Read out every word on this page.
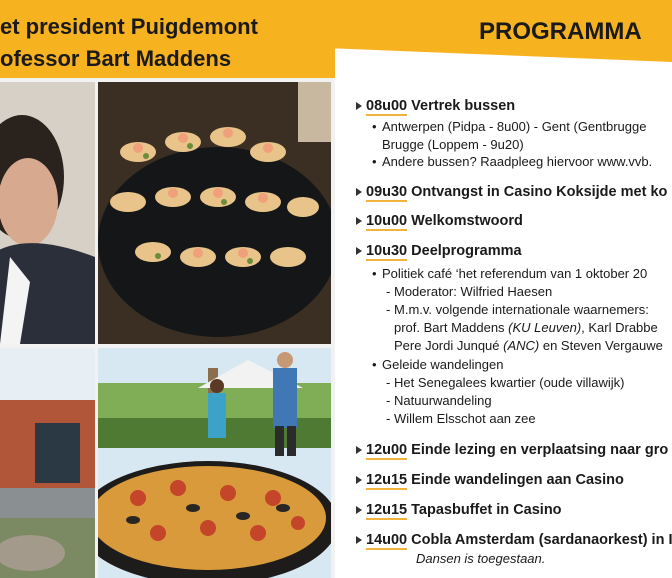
et president Puigdemont
ofessor Bart Maddens
PROGRAMMA
08u00 Vertrek bussen
• Antwerpen (Pidpa - 8u00) - Gent (Gentbrugge
Brugge (Loppem - 9u20)
• Andere bussen? Raadpleeg hiervoor www.vvb.
09u30 Ontvangst in Casino Koksijde met ko
10u00 Welkomstwoord
10u30 Deelprogramma
• Politiek café ‘het referendum van 1 oktober 20
- Moderator: Wilfried Haesen
- M.m.v. volgende internationale waarnemers:
prof. Bart Maddens (KU Leuven), Karl Drabbe
Pere Jordi Junqué (ANC) en Steven Vergauwe
• Geleide wandelingen
- Het Senegalees kwartier (oude villawijk)
- Natuurwandeling
- Willem Elsschot aan zee
12u00 Einde lezing en verplaatsing naar gro
12u15 Einde wandelingen aan Casino
12u15 Tapasbuffet in Casino
14u00 Cobla Amsterdam (sardanaorkest) in I
Dansen is toegestaan.
